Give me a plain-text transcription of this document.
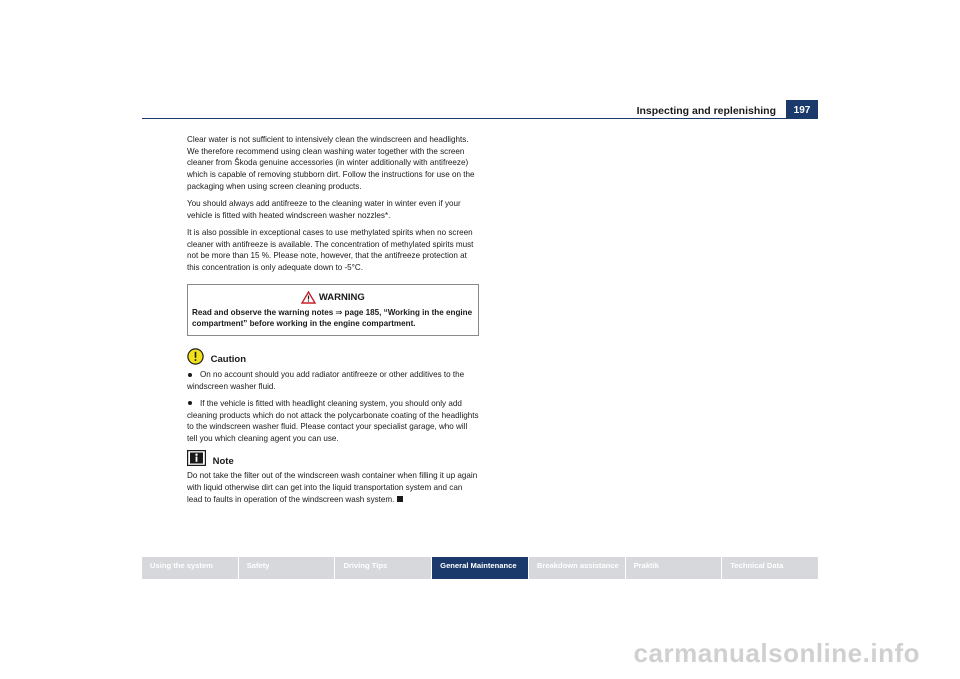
Inspecting and replenishing	197

Clear water is not sufficient to intensively clean the windscreen and headlights. We therefore recommend using clean washing water together with the screen cleaner from Škoda genuine accessories (in winter additionally with antifreeze) which is capable of removing stubborn dirt. Follow the instructions for use on the packaging when using screen cleaning products.

You should always add antifreeze to the cleaning water in winter even if your vehicle is fitted with heated windscreen washer nozzles*.

It is also possible in exceptional cases to use methylated spirits when no screen cleaner with antifreeze is available. The concentration of methylated spirits must not be more than 15 %. Please note, however, that the antifreeze protection at this concentration is only adequate down to -5°C.

WARNING
Read and observe the warning notes ⇒ page 185, “Working in the engine compartment” before working in the engine compartment.
Caution

On no account should you add radiator antifreeze or other additives to the windscreen washer fluid.

If the vehicle is fitted with headlight cleaning system, you should only add cleaning products which do not attack the polycarbonate coating of the headlights to the windscreen washer fluid. Please contact your specialist garage, who will tell you which cleaning agent you can use.

Note

Do not take the filter out of the windscreen wash container when filling it up again with liquid otherwise dirt can get into the liquid transportation system and can lead to faults in operation of the windscreen wash system.

Using the system	Safety	Driving Tips	General Maintenance	Breakdown assistance	Praktik	Technical Data
carmanualsonline.info
